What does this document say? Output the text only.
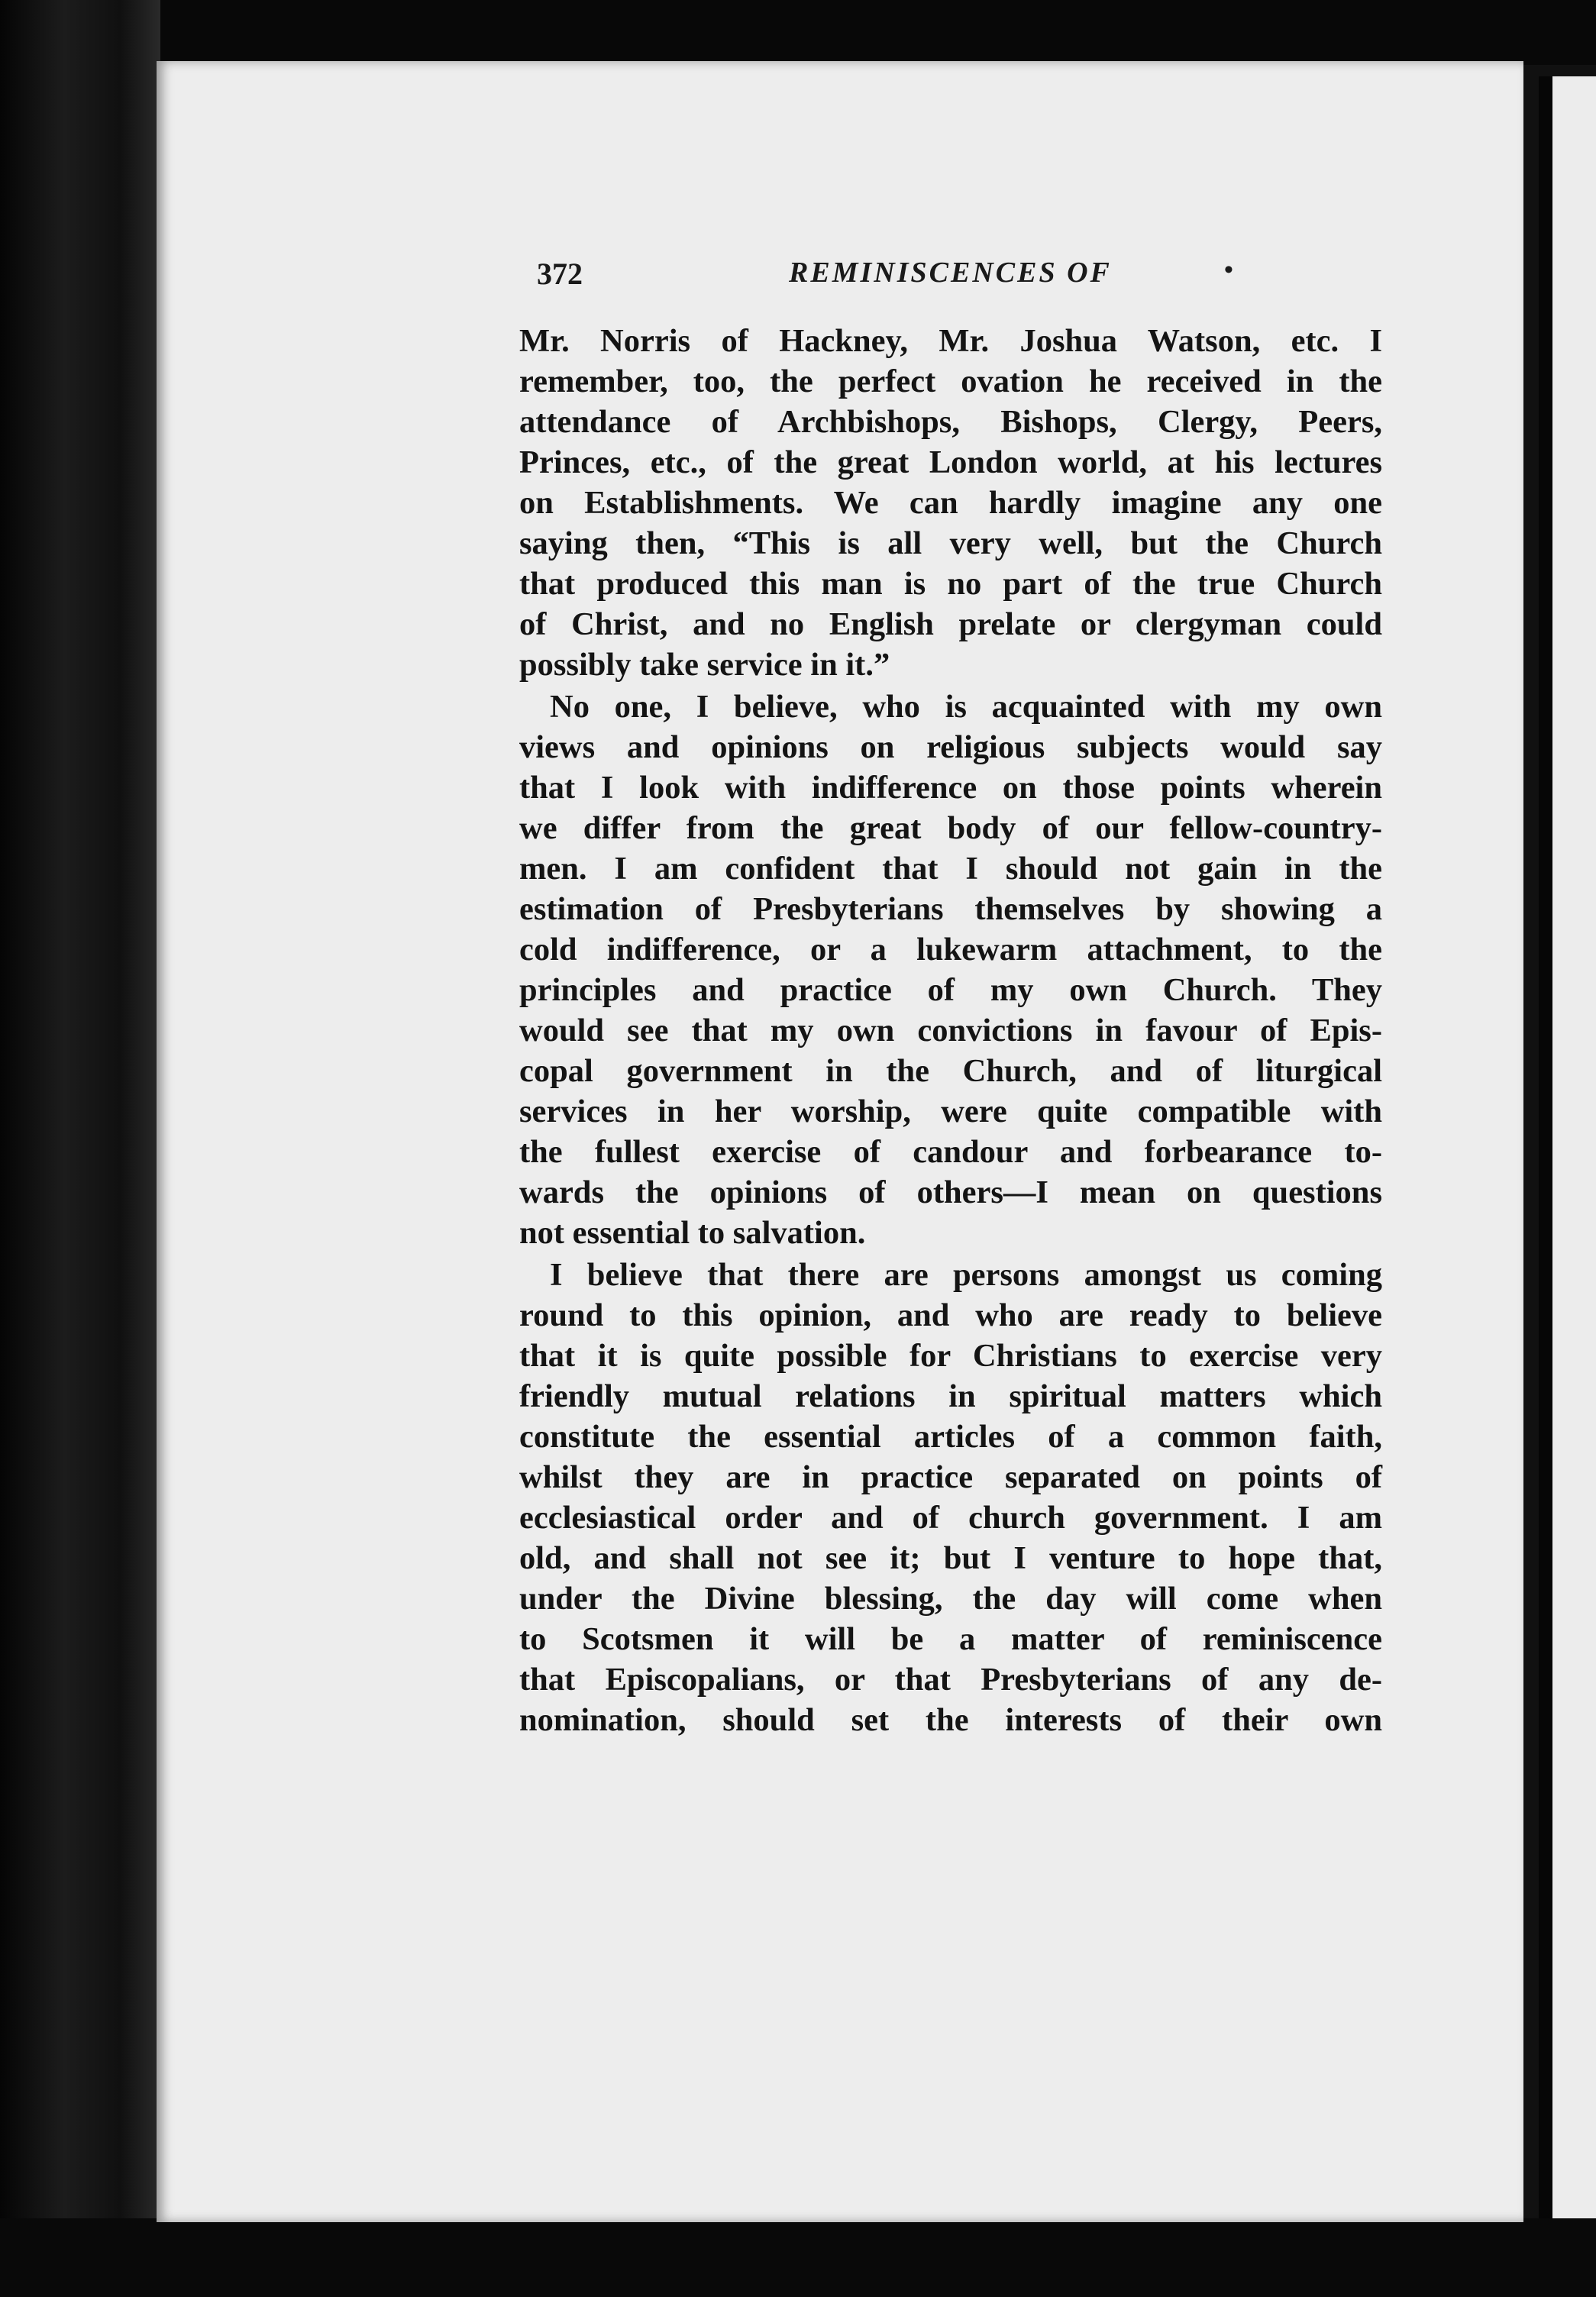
372	REMINISCENCES OF	•
Mr. Norris of Hackney, Mr. Joshua Watson, etc. I
remember, too, the perfect ovation he received in the
attendance of Archbishops, Bishops, Clergy, Peers,
Princes, etc., of the great London world, at his lectures
on Establishments. We can hardly imagine any one
saying then, “This is all very well, but the Church
that produced this man is no part of the true Church
of Christ, and no English prelate or clergyman could
possibly take service in it.”
No one, I believe, who is acquainted with my own
views and opinions on religious subjects would say
that I look with indifference on those points wherein
we differ from the great body of our fellow-country-
men. I am confident that I should not gain in the
estimation of Presbyterians themselves by showing a
cold indifference, or a lukewarm attachment, to the
principles and practice of my own Church. They
would see that my own convictions in favour of Epis-
copal government in the Church, and of liturgical
services in her worship, were quite compatible with
the fullest exercise of candour and forbearance to-
wards the opinions of others—I mean on questions
not essential to salvation.
I believe that there are persons amongst us coming
round to this opinion, and who are ready to believe
that it is quite possible for Christians to exercise very
friendly mutual relations in spiritual matters which
constitute the essential articles of a common faith,
whilst they are in practice separated on points of
ecclesiastical order and of church government. I am
old, and shall not see it; but I venture to hope that,
under the Divine blessing, the day will come when
to Scotsmen it will be a matter of reminiscence
that Episcopalians, or that Presbyterians of any de-
nomination, should set the interests of their own
